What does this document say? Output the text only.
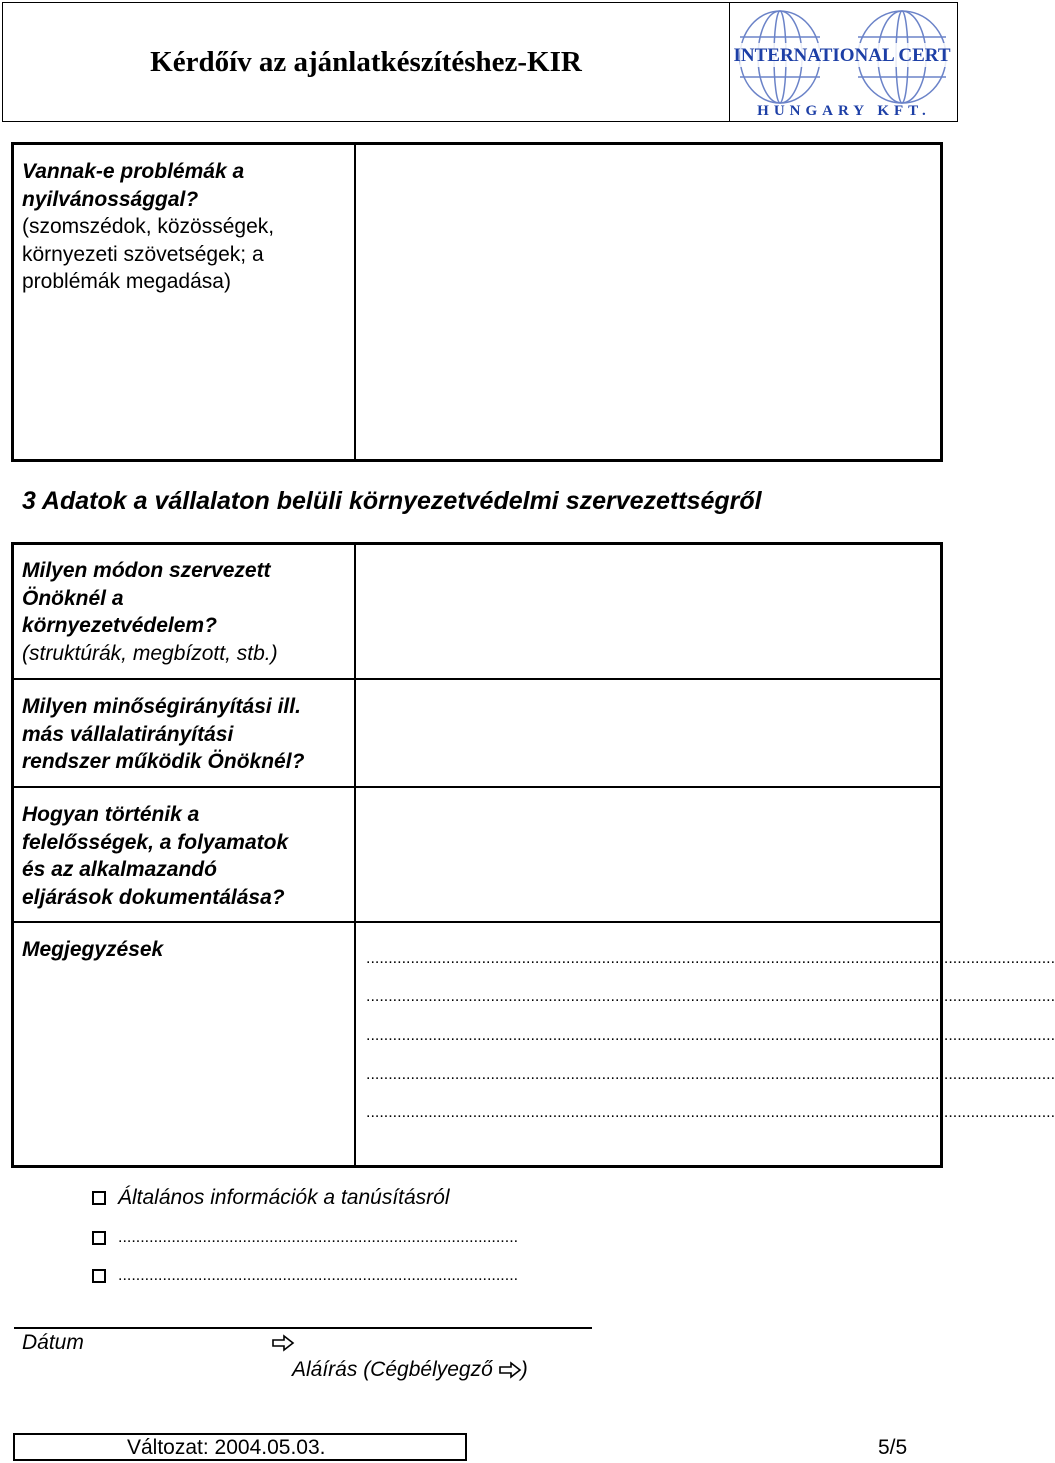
Kérdőív az ajánlatkészítéshez-KIR	INTERNATIONAL CERT
HUNGARY KFT.
Vannak-e problémák a
nyilvánossággal?
(szomszédok, közösségek,
környezeti szövetségek; a
problémák megadása)
3 Adatok a vállalaton belüli környezetvédelmi szervezettségről
Milyen módon szervezett
Önöknél a
környezetvédelem?
(struktúrák, megbízott, stb.)
Milyen minőségirányítási ill.
más vállalatirányítási
rendszer működik Önöknél?
Hogyan történik a
felelősségek, a folyamatok
és az alkalmazandó
eljárások dokumentálása?
Megjegyzések	...........................................................................................................................................................
...........................................................................................................................................................
...........................................................................................................................................................
...........................................................................................................................................................
...........................................................................................................................................................
Általános információk a tanúsításról
..........................................................................................
..........................................................................................
Dátum
Aláírás (Cégbélyegző )
Változat: 2004.05.03.	5/5
